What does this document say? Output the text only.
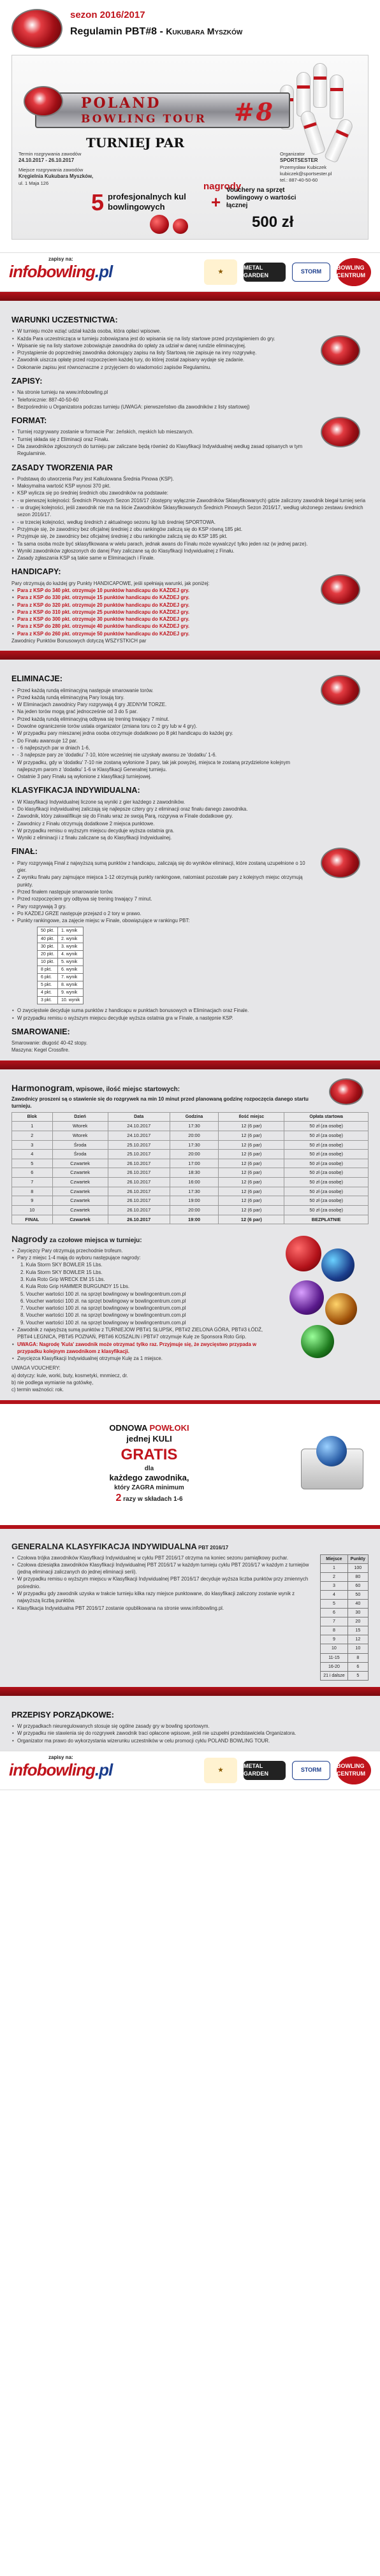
sezon 2016/2017
Regulamin PBT#8 - Kukubara Myszków
POLAND
BOWLING TOUR	#8
TURNIEJ PAR
Termin rozgrywania zawodów
24.10.2017 - 26.10.2017
Miejsce rozgrywania zawodów
Kręgielnia Kukubara Myszków,
ul. 1 Maja 126
Organizator
SPORTSESTER
Przemysław Kubiczek
kubiczek@sportsester.pl
tel.: 887-40-50-60
nagrody
5 profesjonalnych kul bowlingowych	+
Vouchery na sprzęt bowlingowy o wartości łącznej
500 zł
zapisy na:
infobowling.pl	★
METAL GARDEN
STORM
BOWLING CENTRUM
WARUNKI UCZESTNICTWA:
• W turnieju może wziąć udział każda osoba, która opłaci wpisowe.
• Każda Para uczestnicząca w turnieju zobowiązana jest do wpisania się na listy startowe przed przystąpieniem do gry.
• Wpisanie się na listy startowe zobowiązuje zawodnika do opłaty za udział w danej rundzie eliminacyjnej.
• Przystąpienie do poprzedniej zawodnika dokonujący zapisu na listy Startową nie zapisuje na inny rozgrywkę.
• Zawodnik uiszcza opłatę przed rozpoczęciem każdej tury, do której został zapisany wydaje się zadanie.
• Dokonanie zapisu jest równoznaczne z przyjęciem do wiadomości zapisów Regulaminu.
ZAPISY:
• Na stronie turnieju na www.infobowling.pl
• Telefonicznie: 887-40-50-60
• Bezpośrednio u Organizatora podczas turnieju (UWAGA: pierwszeństwo dla zawodników z listy startowej)
FORMAT:
• Turniej rozgrywany zostanie w formacie Par: żeńskich, męskich lub mieszanych.
• Turniej składa się z Eliminacji oraz Finału.
• Dla zawodników zgłoszonych do turnieju par zaliczane będą również do Klasyfikacji Indywidualnej według zasad opisanych w tym Regulaminie.
ZASADY TWORZENIA PAR
• Podstawą do utworzenia Pary jest Kalkulowana Średnia Pinowa (KSP).
• Maksymalna wartość KSP wynosi 370 pkt.
• KSP wylicza się po średniej średnich obu zawodników na podstawie:
• - w pierwszej kolejności: Średnich Pinowych Sezon 2016/17 (dostępny wyłącznie Zawodników Sklasyfikowanych) gdzie zaliczony zawodnik biegał turniej seria
• - w drugiej kolejności, jeśli zawodnik nie ma na liście Zawodników Sklasyfikowanych Średnich Pinowych Sezon 2016/17, według ułożonego zestawu średnich sezon 2016/17.
• - w trzeciej kolejności, według średnich z aktualnego sezonu ligi lub średniej SPORTOWA.
• Przyjmuje się, że zawodnicy bez oficjalnej średniej z obu rankingów zaliczą się do KSP równą 185 pkt.
• Przyjmuje się, że zawodnicy bez oficjalnej średniej z obu rankingów zaliczą się do KSP 185 pkt.
• Ta sama osoba może być sklasyfikowana w wielu parach, jednak awans do Finału może wywalczyć tylko jeden raz (w jednej parze).
• Wyniki zawodników zgłoszonych do danej Pary zaliczane są do Klasyfikacji Indywidualnej z Finału.
• Zasady zgłaszania KSP są takie same w Eliminacjach i Finale.
HANDICAPY:
Pary otrzymują do każdej gry Punkty HANDICAPOWE, jeśli spełniają warunki, jak poniżej:
• Para z KSP do 340 pkt. otrzymuje 10 punktów handicapu do KAŻDEJ gry.
• Para z KSP do 330 pkt. otrzymuje 15 punktów handicapu do KAŻDEJ gry.
• Para z KSP do 320 pkt. otrzymuje 20 punktów handicapu do KAŻDEJ gry.
• Para z KSP do 310 pkt. otrzymuje 25 punktów handicapu do KAŻDEJ gry.
• Para z KSP do 300 pkt. otrzymuje 30 punktów handicapu do KAŻDEJ gry.
• Para z KSP do 280 pkt. otrzymuje 40 punktów handicapu do KAŻDEJ gry.
• Para z KSP do 260 pkt. otrzymuje 50 punktów handicapu do KAŻDEJ gry.
Zawodnicy Punktów Bonusowych dotyczą WSZYSTKICH par
ELIMINACJE:
• Przed każdą rundą eliminacyjną następuje smarowanie torów.
• Przed każdą rundą eliminacyjną Pary losują tory.
• W Eliminacjach zawodnicy Pary rozgrywają 4 gry JEDNYM TORZE.
• Na jeden torów mogą grać jednocześnie od 3 do 5 par.
• Przed każdą rundą eliminacyjną odbywa się trening trwający 7 minut.
• Dowolne ograniczenie torów ustala organizator (zmiana toru co 2 gry lub w 4 gry).
• W przypadku pary mieszanej jedna osoba otrzymuje dodatkowo po 8 pkt handicapu do każdej gry.
• Do Finału awansuje 12 par.
• - 6 najlepszych par w dniach 1-6,
• - 3 najlepsze pary ze 'dodatku' 7-10, które wcześniej nie uzyskały awansu ze 'dodatku' 1-6.
• W przypadku, gdy w 'dodatku' 7-10 nie zostaną wyłonione 3 pary, tak jak powyżej, miejsca te zostaną przydzielone kolejnym najlepszym parom z 'dodatku' 1-6 w Klasyfikacji Generalnej turnieju.
• Ostatnie 3 pary Finału są wyłonione z klasyfikacji turniejowej.
KLASYFIKACJA INDYWIDUALNA:
• W Klasyfikacji Indywidualnej liczone są wyniki z gier każdego z zawodników.
• Do klasyfikacji indywidualnej zaliczają się najlepsze cztery gry z eliminacji oraz finału danego zawodnika.
• Zawodnik, który zakwalifikuje się do Finału wraz ze swoją Parą, rozgrywa w Finale dodatkowe gry.
• Zawodnicy z Finału otrzymują dodatkowe 2 miejsca punktowe.
• W przypadku remisu o wyższym miejscu decyduje wyższa ostatnia gra.
• Wyniki z eliminacji i z finału zaliczane są do Klasyfikacji Indywidualnej.
FINAŁ:
• Pary rozgrywają Finał z najwyższą sumą punktów z handicapu, zaliczają się do wyników eliminacji, które zostaną uzupełnione o 10 gier.
• Z wyniku finału pary zajmujące miejsca 1-12 otrzymują punkty rankingowe, natomiast pozostałe pary z kolejnych miejsc otrzymują punkty.
• Przed finałem następuje smarowanie torów.
• Przed rozpoczęciem gry odbywa się trening trwający 7 minut.
• Pary rozgrywają 3 gry.
• Po KAŻDEJ GRZE następuje przejazd o 2 tory w prawo.
• Punkty rankingowe, za zajęcie miejsc w Finale, obowiązujące w rankingu PBT:
50 pkt.	1. wynik
40 pkt.	2. wynik
30 pkt.	3. wynik
20 pkt.	4. wynik
10 pkt.	5. wynik
8 pkt.	6. wynik
6 pkt.	7. wynik
5 pkt.	8. wynik
4 pkt.	9. wynik
3 pkt.	10. wynik
• O zwycięstwie decyduje suma punktów z handicapu w punktach bonusowych w Eliminacjach oraz Finale.
• W przypadku remisu o wyższym miejscu decyduje wyższa ostatnia gra w Finale, a następnie KSP.
SMAROWANIE:
Smarowanie: długość 40-42 stopy.
Maszyna: Kegel Crossfire.
Harmonogram, wpisowe, ilość miejsc startowych:
Zawodnicy proszeni są o stawienie się do rozgrywek na min 10 minut przed planowaną godzinę rozpoczęcia danego startu turnieju.
Blok	Dzień	Data	Godzina	Ilość miejsc	Opłata startowa
1	Wtorek	24.10.2017	17:30	12 (6 par)	50 zł (za osobę)
2	Wtorek	24.10.2017	20:00	12 (6 par)	50 zł (za osobę)
3	Środa	25.10.2017	17:30	12 (6 par)	50 zł (za osobę)
4	Środa	25.10.2017	20:00	12 (6 par)	50 zł (za osobę)
5	Czwartek	26.10.2017	17:00	12 (6 par)	50 zł (za osobę)
6	Czwartek	26.10.2017	18:30	12 (6 par)	50 zł (za osobę)
7	Czwartek	26.10.2017	16:00	12 (6 par)	50 zł (za osobę)
8	Czwartek	26.10.2017	17:30	12 (6 par)	50 zł (za osobę)
9	Czwartek	26.10.2017	19:00	12 (6 par)	50 zł (za osobę)
10	Czwartek	26.10.2017	20:00	12 (6 par)	50 zł (za osobę)
FINAŁ	Czwartek	26.10.2017	19:00	12 (6 par)	BEZPŁATNIE
Nagrody za czołowe miejsca w turnieju:
• Zwycięzcy Pary otrzymują przechodnie trofeum.
• Pary z miejsc 1-4 mają do wyboru następujące nagrody:
1. Kula Storm SKY BOWLER 15 Lbs.
2. Kula Storm SKY BOWLER 15 Lbs.
3. Kula Roto Grip WRECK EM 15 Lbs.
4. Kula Roto Grip HAMMER BURGUNDY 15 Lbs.
5. Voucher wartości 100 zł. na sprzęt bowlingowy w bowlingcentrum.com.pl
6. Voucher wartości 100 zł. na sprzęt bowlingowy w bowlingcentrum.com.pl
7. Voucher wartości 100 zł. na sprzęt bowlingowy w bowlingcentrum.com.pl
8. Voucher wartości 100 zł. na sprzęt bowlingowy w bowlingcentrum.com.pl
9. Voucher wartości 100 zł. na sprzęt bowlingowy w bowlingcentrum.com.pl
• Zawodnik z najwyższą sumą punktów z TURNIEJOW PBT#1 SŁUPSK, PBT#2 ZIELONA GÓRA, PBT#3 ŁÓDŹ, PBT#4 LEGNICA, PBT#5 POZNAŃ, PBT#6 KOSZALIN i PBT#7 otrzymuje Kulę ze Sponsora Roto Grip.
• UWAGA: Nagrodę 'Kula' zawodnik może otrzymać tylko raz. Przyjmuje się, że zwycięstwo przypada w przypadku kolejnym zawodnikom z klasyfikacji.
• Zwycięzca Klasyfikacji Indywidualnej otrzymuje Kulę za 1 miejsce.
UWAGA VOUCHERY:
a) dotyczy: kule, worki, buty, kosmetyki, mnmiecz, dr.
b) nie podlega wymianie na gotówkę,
c) termin ważności: rok.
ODNOWA POWŁOKI
jednej KULI
GRATIS
dla
każdego zawodnika,
który ZAGRA minimum
2 razy w składach 1-6
GENERALNA KLASYFIKACJA INDYWIDUALNA PBT 2016/17
• Czołowa trójka zawodników Klasyfikacji Indywidualnej w cyklu PBT 2016/17 otrzyma na koniec sezonu pamiątkowy puchar.
• Czołowa dziesiątka zawodników Klasyfikacji Indywidualnej PBT 2016/17 w każdym turnieju cyklu PBT 2016/17 w każdym z turniejów (jedną eliminacji zaliczanych do jednej eliminacji serii).
• W przypadku remisu o wyższym miejscu w Klasyfikacji Indywidualnej PBT 2016/17 decyduje wyższa liczba punktów przy zmiennych pośrednio.
• W przypadku gdy zawodnik uzyska w trakcie turnieju kilka razy miejsce punktowane, do klasyfikacji zaliczony zostanie wynik z najwyższą liczbą punktów.
• Klasyfikacja Indywidualna PBT 2016/17 zostanie opublikowana na stronie www.infobowling.pl.
Miejsce	Punkty
1	100
2	80
3	60
4	50
5	40
6	30
7	20
8	15
9	12
10	10
11-15	8
16-20	6
21 i dalsze	5
PRZEPISY PORZĄDKOWE:
• W przypadkach nieuregulowanych stosuje się ogólne zasady gry w bowling sportowym.
• W przypadku nie stawienia się do rozgrywek zawodnik traci opłacone wpisowe, jeśli nie uzupełni przedstawiciela Organizatora.
• Organizator ma prawo do wykorzystania wizerunku uczestników w celu promocji cyklu POLAND BOWLING TOUR.
zapisy na:
infobowling.pl	★
METAL GARDEN
STORM
BOWLING CENTRUM
